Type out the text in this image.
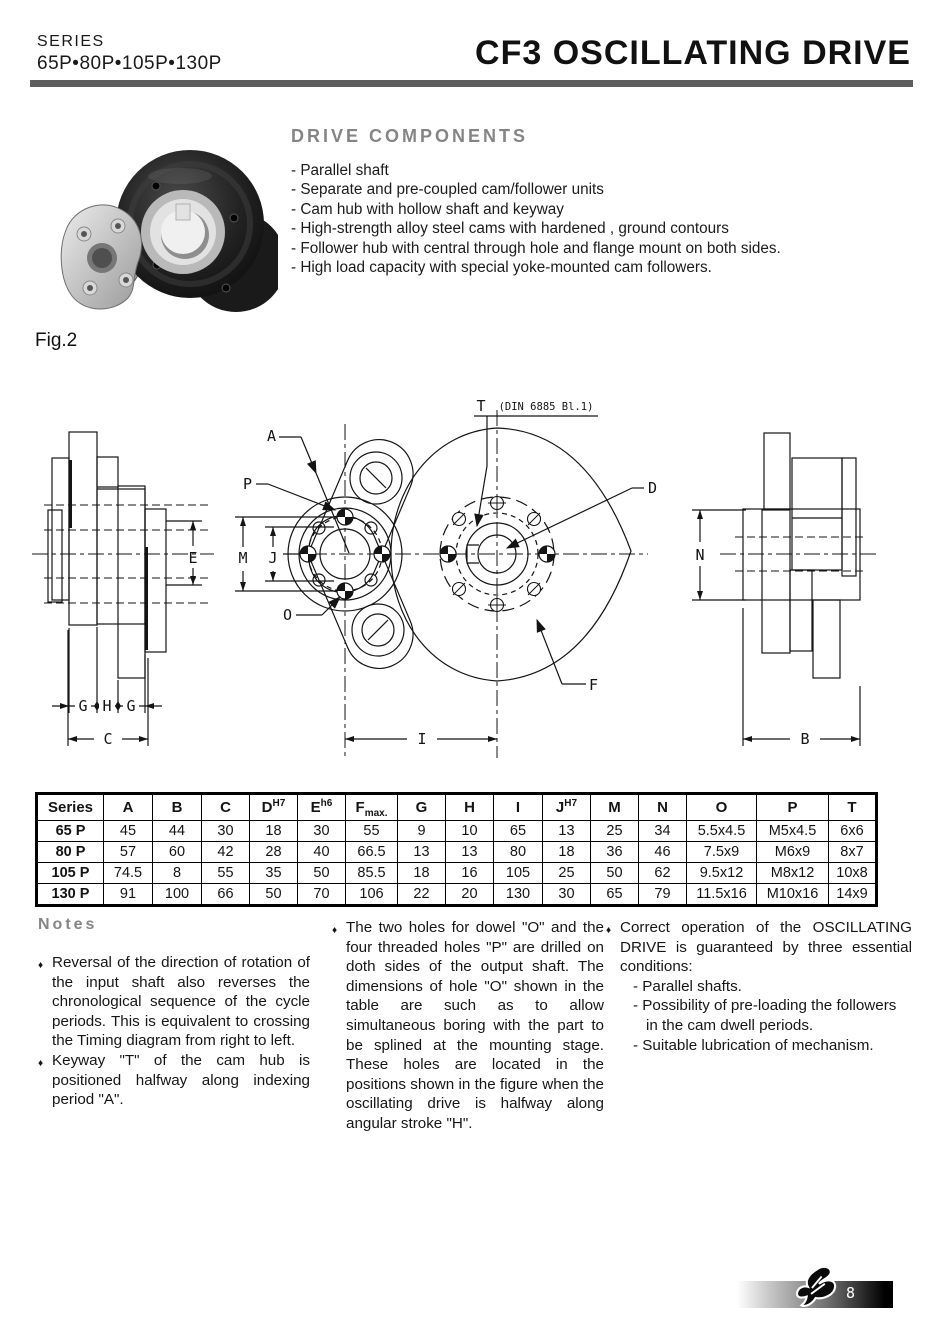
SERIES
65P•80P•105P•130P	CF3 OSCILLATING DRIVE
Fig.2
DRIVE COMPONENTS
- Parallel shaft
- Separate and pre-coupled cam/follower units
- Cam hub with hollow shaft and keyway
- High-strength alloy steel cams with hardened , ground contours
- Follower hub with central through hole and flange mount on both sides.
- High load capacity with special yoke-mounted cam followers.
E
G H G
C
M J
A
P
O
T (DIN 6885 Bl.1)
D
F
I
N
B
Series	A	B	C	$D^{H7}$	$E^{h6}$	$F_{max.}$	G	H	I	$J^{H7}$	M	N	O	P	T
65 P	45	44	30	18	30	55	9	10	65	13	25	34	5.5x4.5	M5x4.5	6x6
80 P	57	60	42	28	40	66.5	13	13	80	18	36	46	7.5x9	M6x9	8x7
105 P	74.5	8	55	35	50	85.5	18	16	105	25	50	62	9.5x12	M8x12	10x8
130 P	91	100	66	50	70	106	22	20	130	30	65	79	11.5x16	M10x16	14x9
Notes
♦ Reversal of the direction of rotation of the input shaft also reverses the chronological sequence of the cycle periods. This is equivalent to crossing the Timing diagram from right to left.
♦ Keyway "T" of the cam hub is positioned halfway along indexing period "A".
♦ The two holes for dowel "O" and the four threaded holes "P" are drilled on doth sides of the output shaft. The dimensions of hole "O" shown in the table are such as to allow simultaneous boring with the part to be splined at the mounting stage. These holes are located in the positions shown in the figure when the oscillating drive is halfway along angular stroke "H".
♦ Correct operation of the OSCILLATING DRIVE is guaranteed by three essential conditions:
- Parallel shafts.
- Possibility of pre-loading the followers in the cam dwell periods.
- Suitable lubrication of mechanism.
8
